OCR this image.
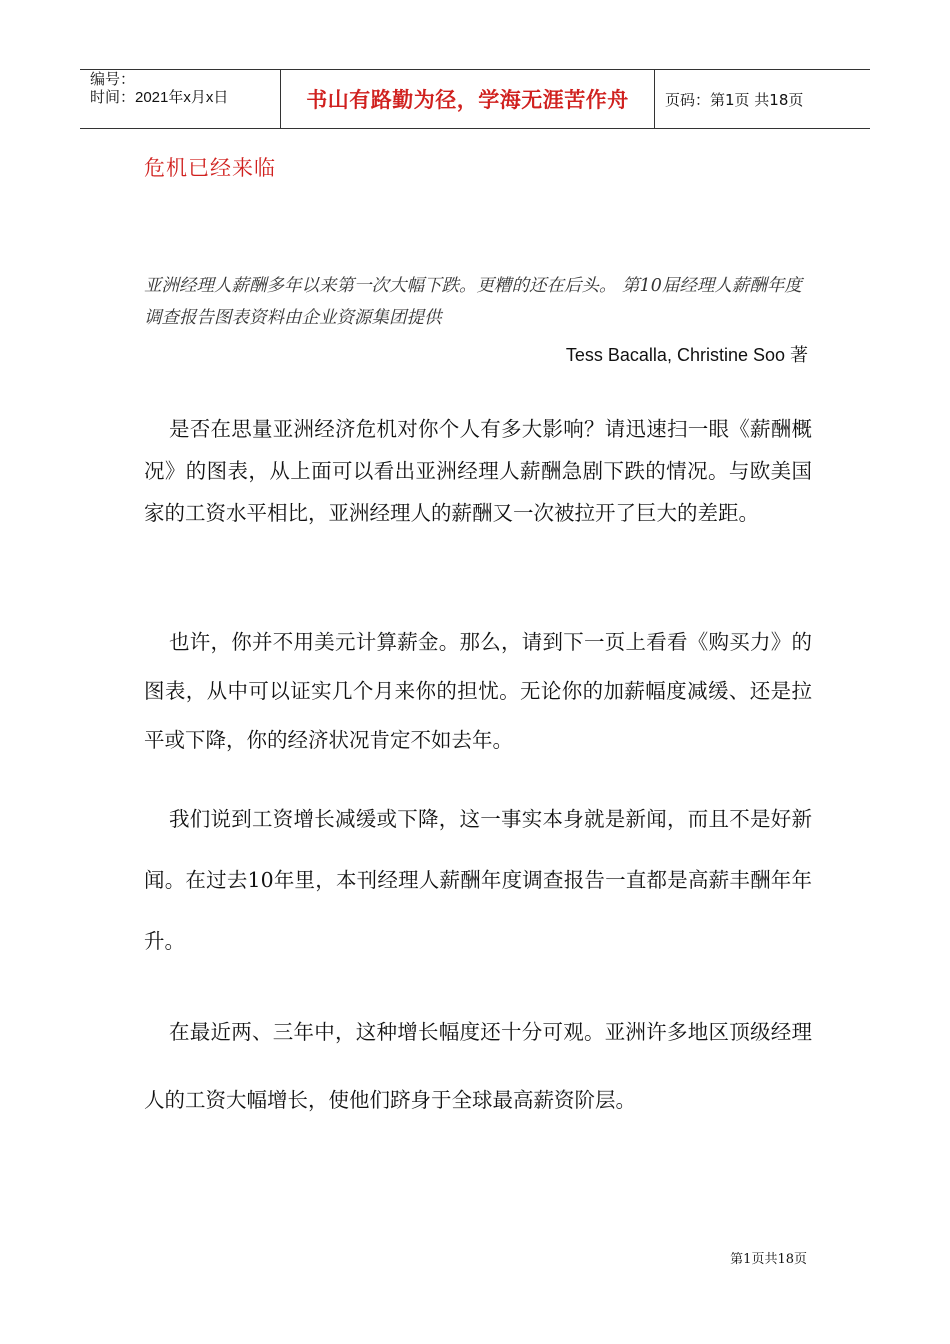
编号：
时间：2021年x月x日	书山有路勤为径，学海无涯苦作舟	页码：第1页 共18页
危机已经来临
亚洲经理人薪酬多年以来第一次大幅下跌。更糟的还在后头。 第10届经理人薪酬年度调查报告图表资料由企业资源集团提供
Tess Bacalla, Christine Soo 著

是否在思量亚洲经济危机对你个人有多大影响？请迅速扫一眼《薪酬概况》的图表，从上面可以看出亚洲经理人薪酬急剧下跌的情况。与欧美国家的工资水平相比，亚洲经理人的薪酬又一次被拉开了巨大的差距。

也许，你并不用美元计算薪金。那么，请到下一页上看看《购买力》的图表，从中可以证实几个月来你的担忧。无论你的加薪幅度减缓、还是拉平或下降，你的经济状况肯定不如去年。

我们说到工资增长减缓或下降，这一事实本身就是新闻，而且不是好新闻。在过去10年里，本刊经理人薪酬年度调查报告一直都是高薪丰酬年年升。

在最近两、三年中，这种增长幅度还十分可观。亚洲许多地区顶级经理人的工资大幅增长，使他们跻身于全球最高薪资阶层。

第1页共18页
